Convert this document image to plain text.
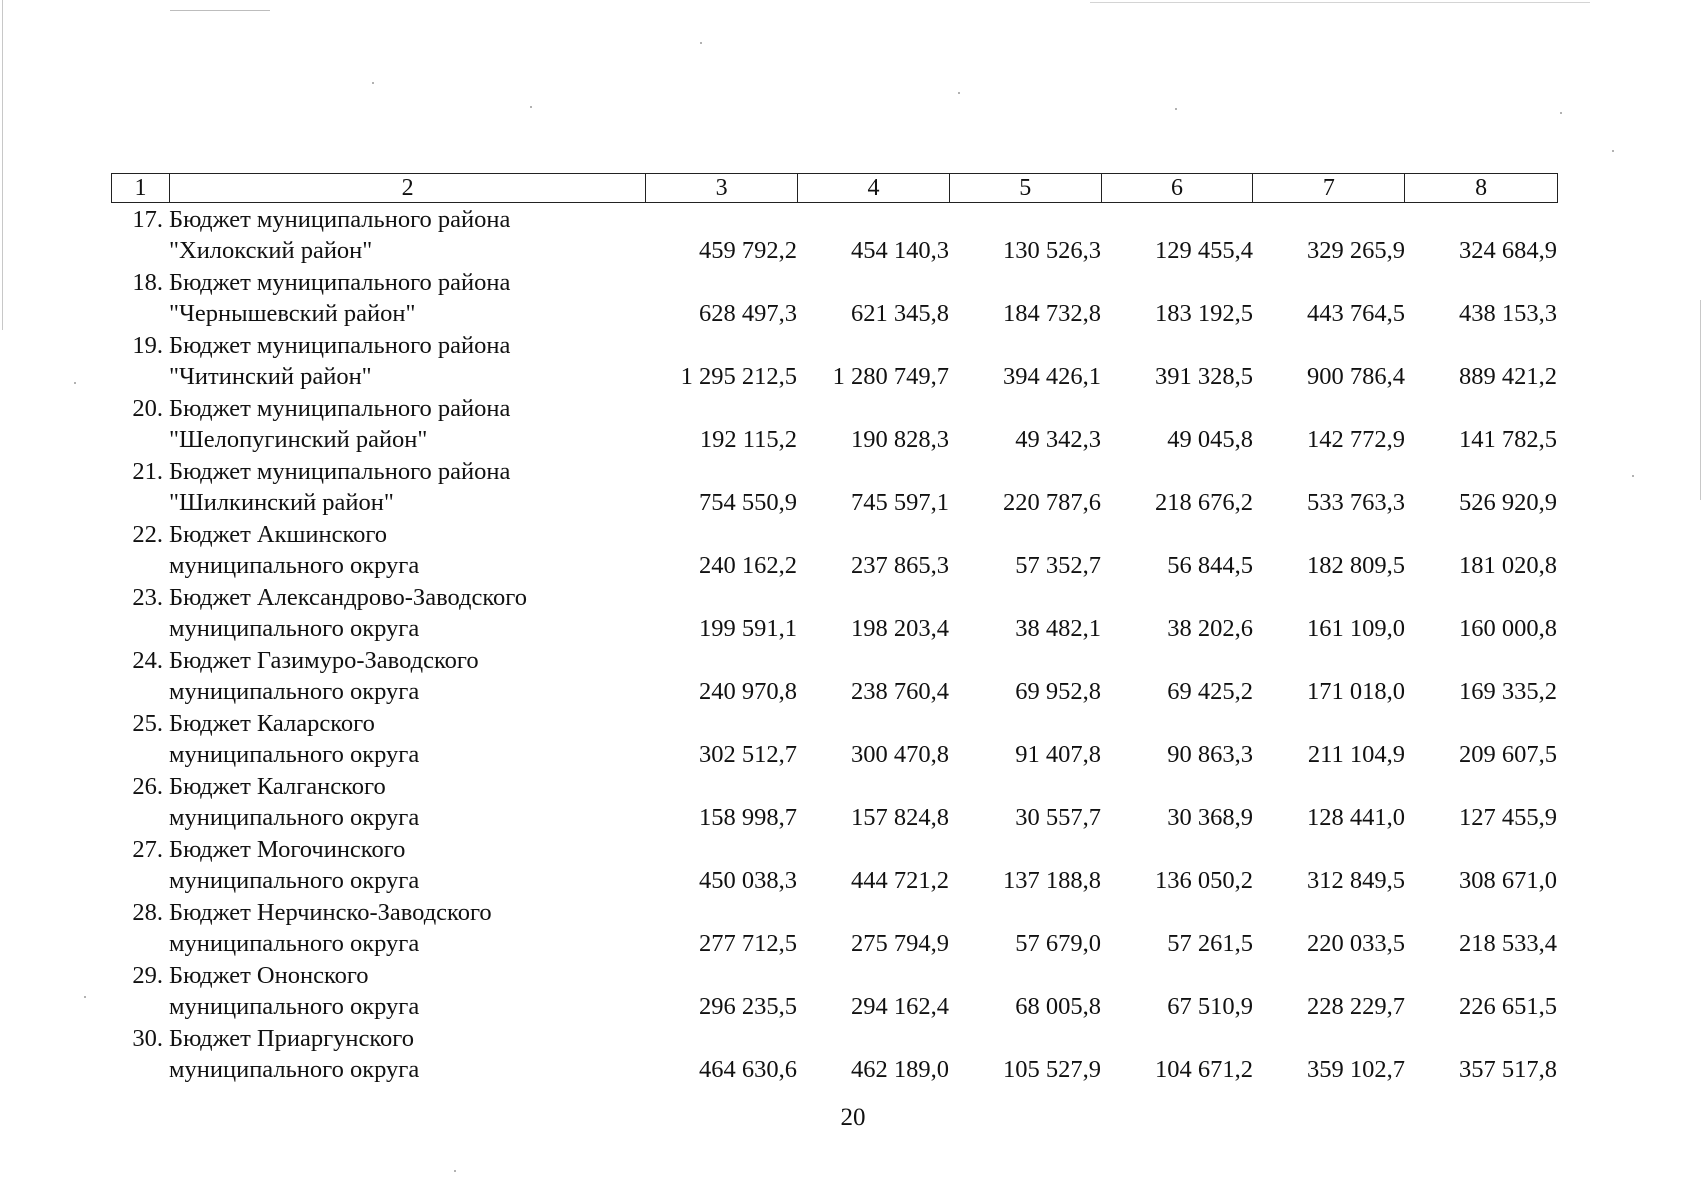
1	2	3	4	5	6	7	8
17. Бюджет муниципального района
"Хилокский район"	459 792,2	454 140,3	130 526,3	129 455,4	329 265,9	324 684,9
18. Бюджет муниципального района
"Чернышевский район"	628 497,3	621 345,8	184 732,8	183 192,5	443 764,5	438 153,3
19. Бюджет муниципального района
"Читинский район"	1 295 212,5	1 280 749,7	394 426,1	391 328,5	900 786,4	889 421,2
20. Бюджет муниципального района
"Шелопугинский район"	192 115,2	190 828,3	49 342,3	49 045,8	142 772,9	141 782,5
21. Бюджет муниципального района
"Шилкинский район"	754 550,9	745 597,1	220 787,6	218 676,2	533 763,3	526 920,9
22. Бюджет Акшинского
муниципального округа	240 162,2	237 865,3	57 352,7	56 844,5	182 809,5	181 020,8
23. Бюджет Александрово-Заводского
муниципального округа	199 591,1	198 203,4	38 482,1	38 202,6	161 109,0	160 000,8
24. Бюджет Газимуро-Заводского
муниципального округа	240 970,8	238 760,4	69 952,8	69 425,2	171 018,0	169 335,2
25. Бюджет Каларского
муниципального округа	302 512,7	300 470,8	91 407,8	90 863,3	211 104,9	209 607,5
26. Бюджет Калганского
муниципального округа	158 998,7	157 824,8	30 557,7	30 368,9	128 441,0	127 455,9
27. Бюджет Могочинского
муниципального округа	450 038,3	444 721,2	137 188,8	136 050,2	312 849,5	308 671,0
28. Бюджет Нерчинско-Заводского
муниципального округа	277 712,5	275 794,9	57 679,0	57 261,5	220 033,5	218 533,4
29. Бюджет Ононского
муниципального округа	296 235,5	294 162,4	68 005,8	67 510,9	228 229,7	226 651,5
30. Бюджет Приаргунского
муниципального округа	464 630,6	462 189,0	105 527,9	104 671,2	359 102,7	357 517,8
20
